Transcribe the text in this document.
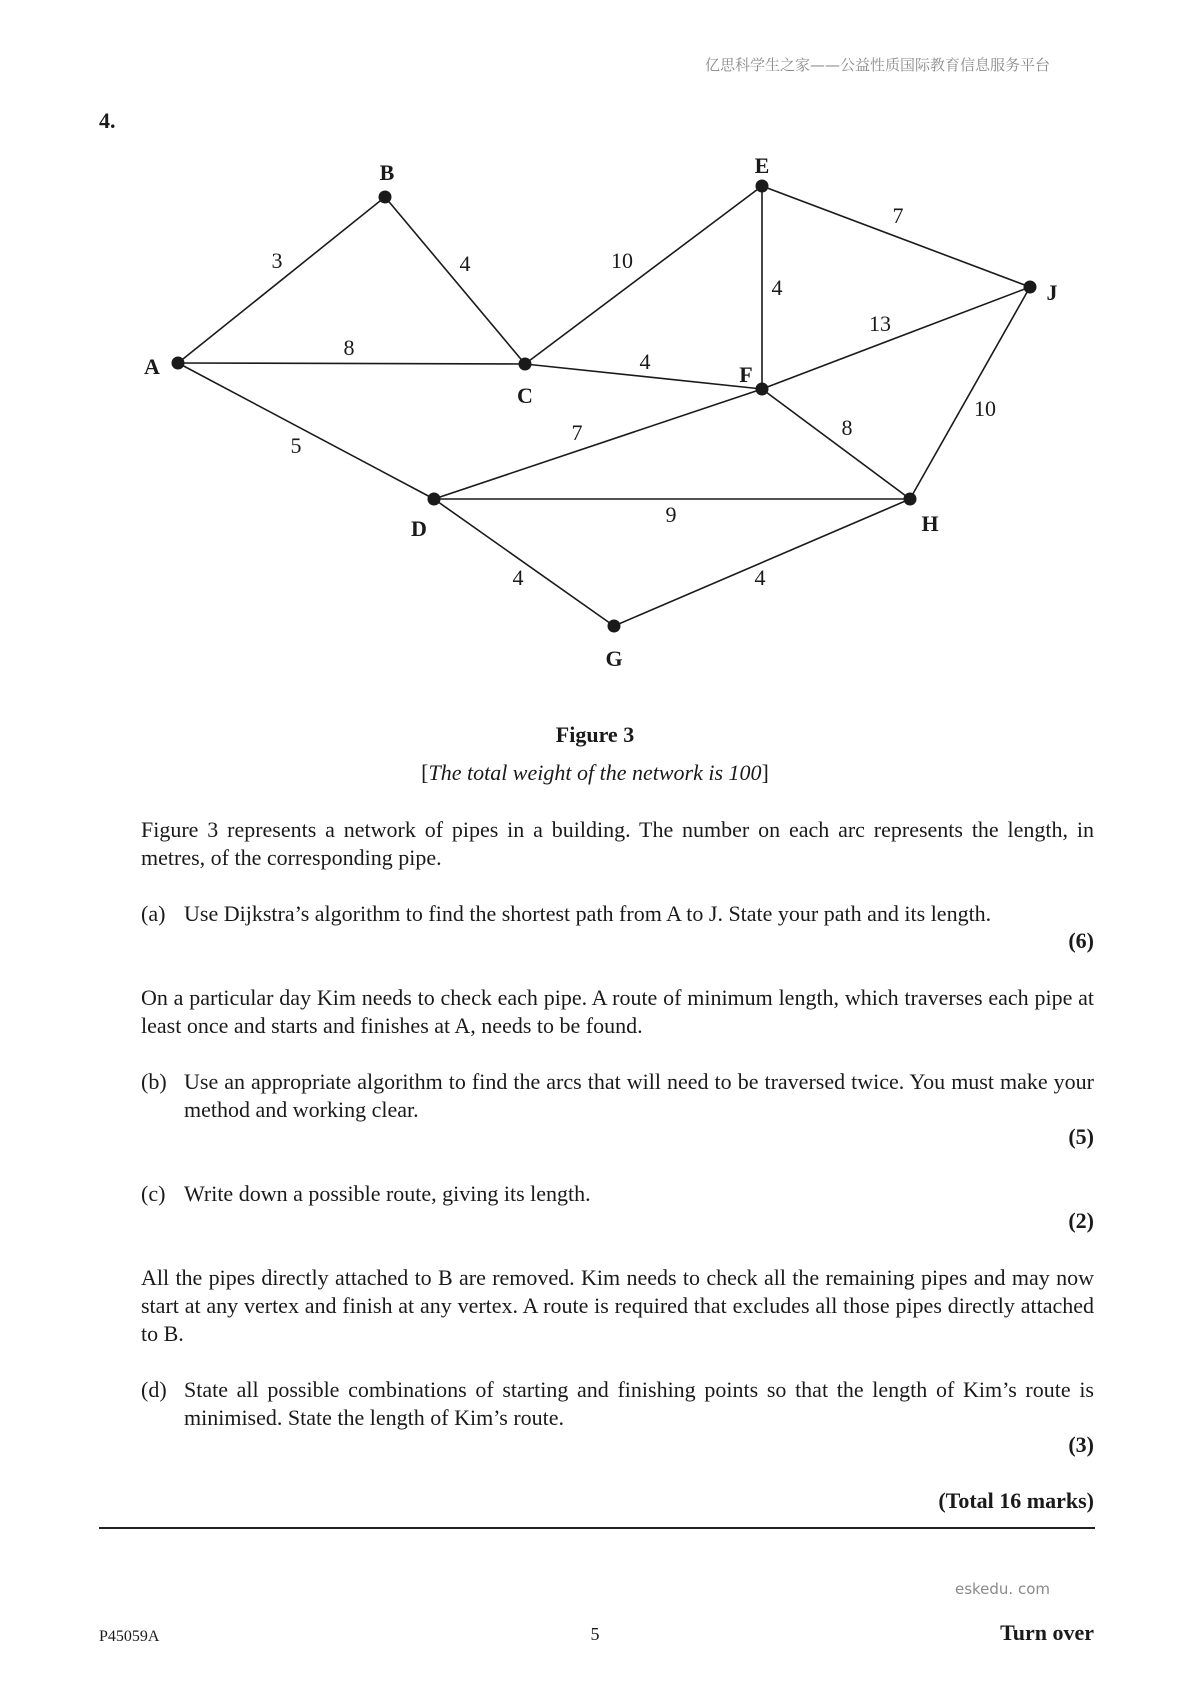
亿思科学生之家——公益性质国际教育信息服务平台
4.
3	4
8
5
10
4
4
7
13
7	8
10
9
4	4
A
B
C
D
E
F
G
H
J
Figure 3
[The total weight of the network is 100]
Figure 3 represents a network of pipes in a building. The number on each arc represents the length, in metres, of the corresponding pipe.
(a) Use Dijkstra’s algorithm to find the shortest path from A to J. State your path and its length.
(6)
On a particular day Kim needs to check each pipe. A route of minimum length, which traverses each pipe at least once and starts and finishes at A, needs to be found.
(b) Use an appropriate algorithm to find the arcs that will need to be traversed twice. You must make your method and working clear.
(5)
(c) Write down a possible route, giving its length.
(2)
All the pipes directly attached to B are removed. Kim needs to check all the remaining pipes and may now start at any vertex and finish at any vertex. A route is required that excludes all those pipes directly attached to B.
(d) State all possible combinations of starting and finishing points so that the length of Kim’s route is minimised. State the length of Kim’s route.
(3)
(Total 16 marks)
eskedu. com
P45059A	5	Turn over
